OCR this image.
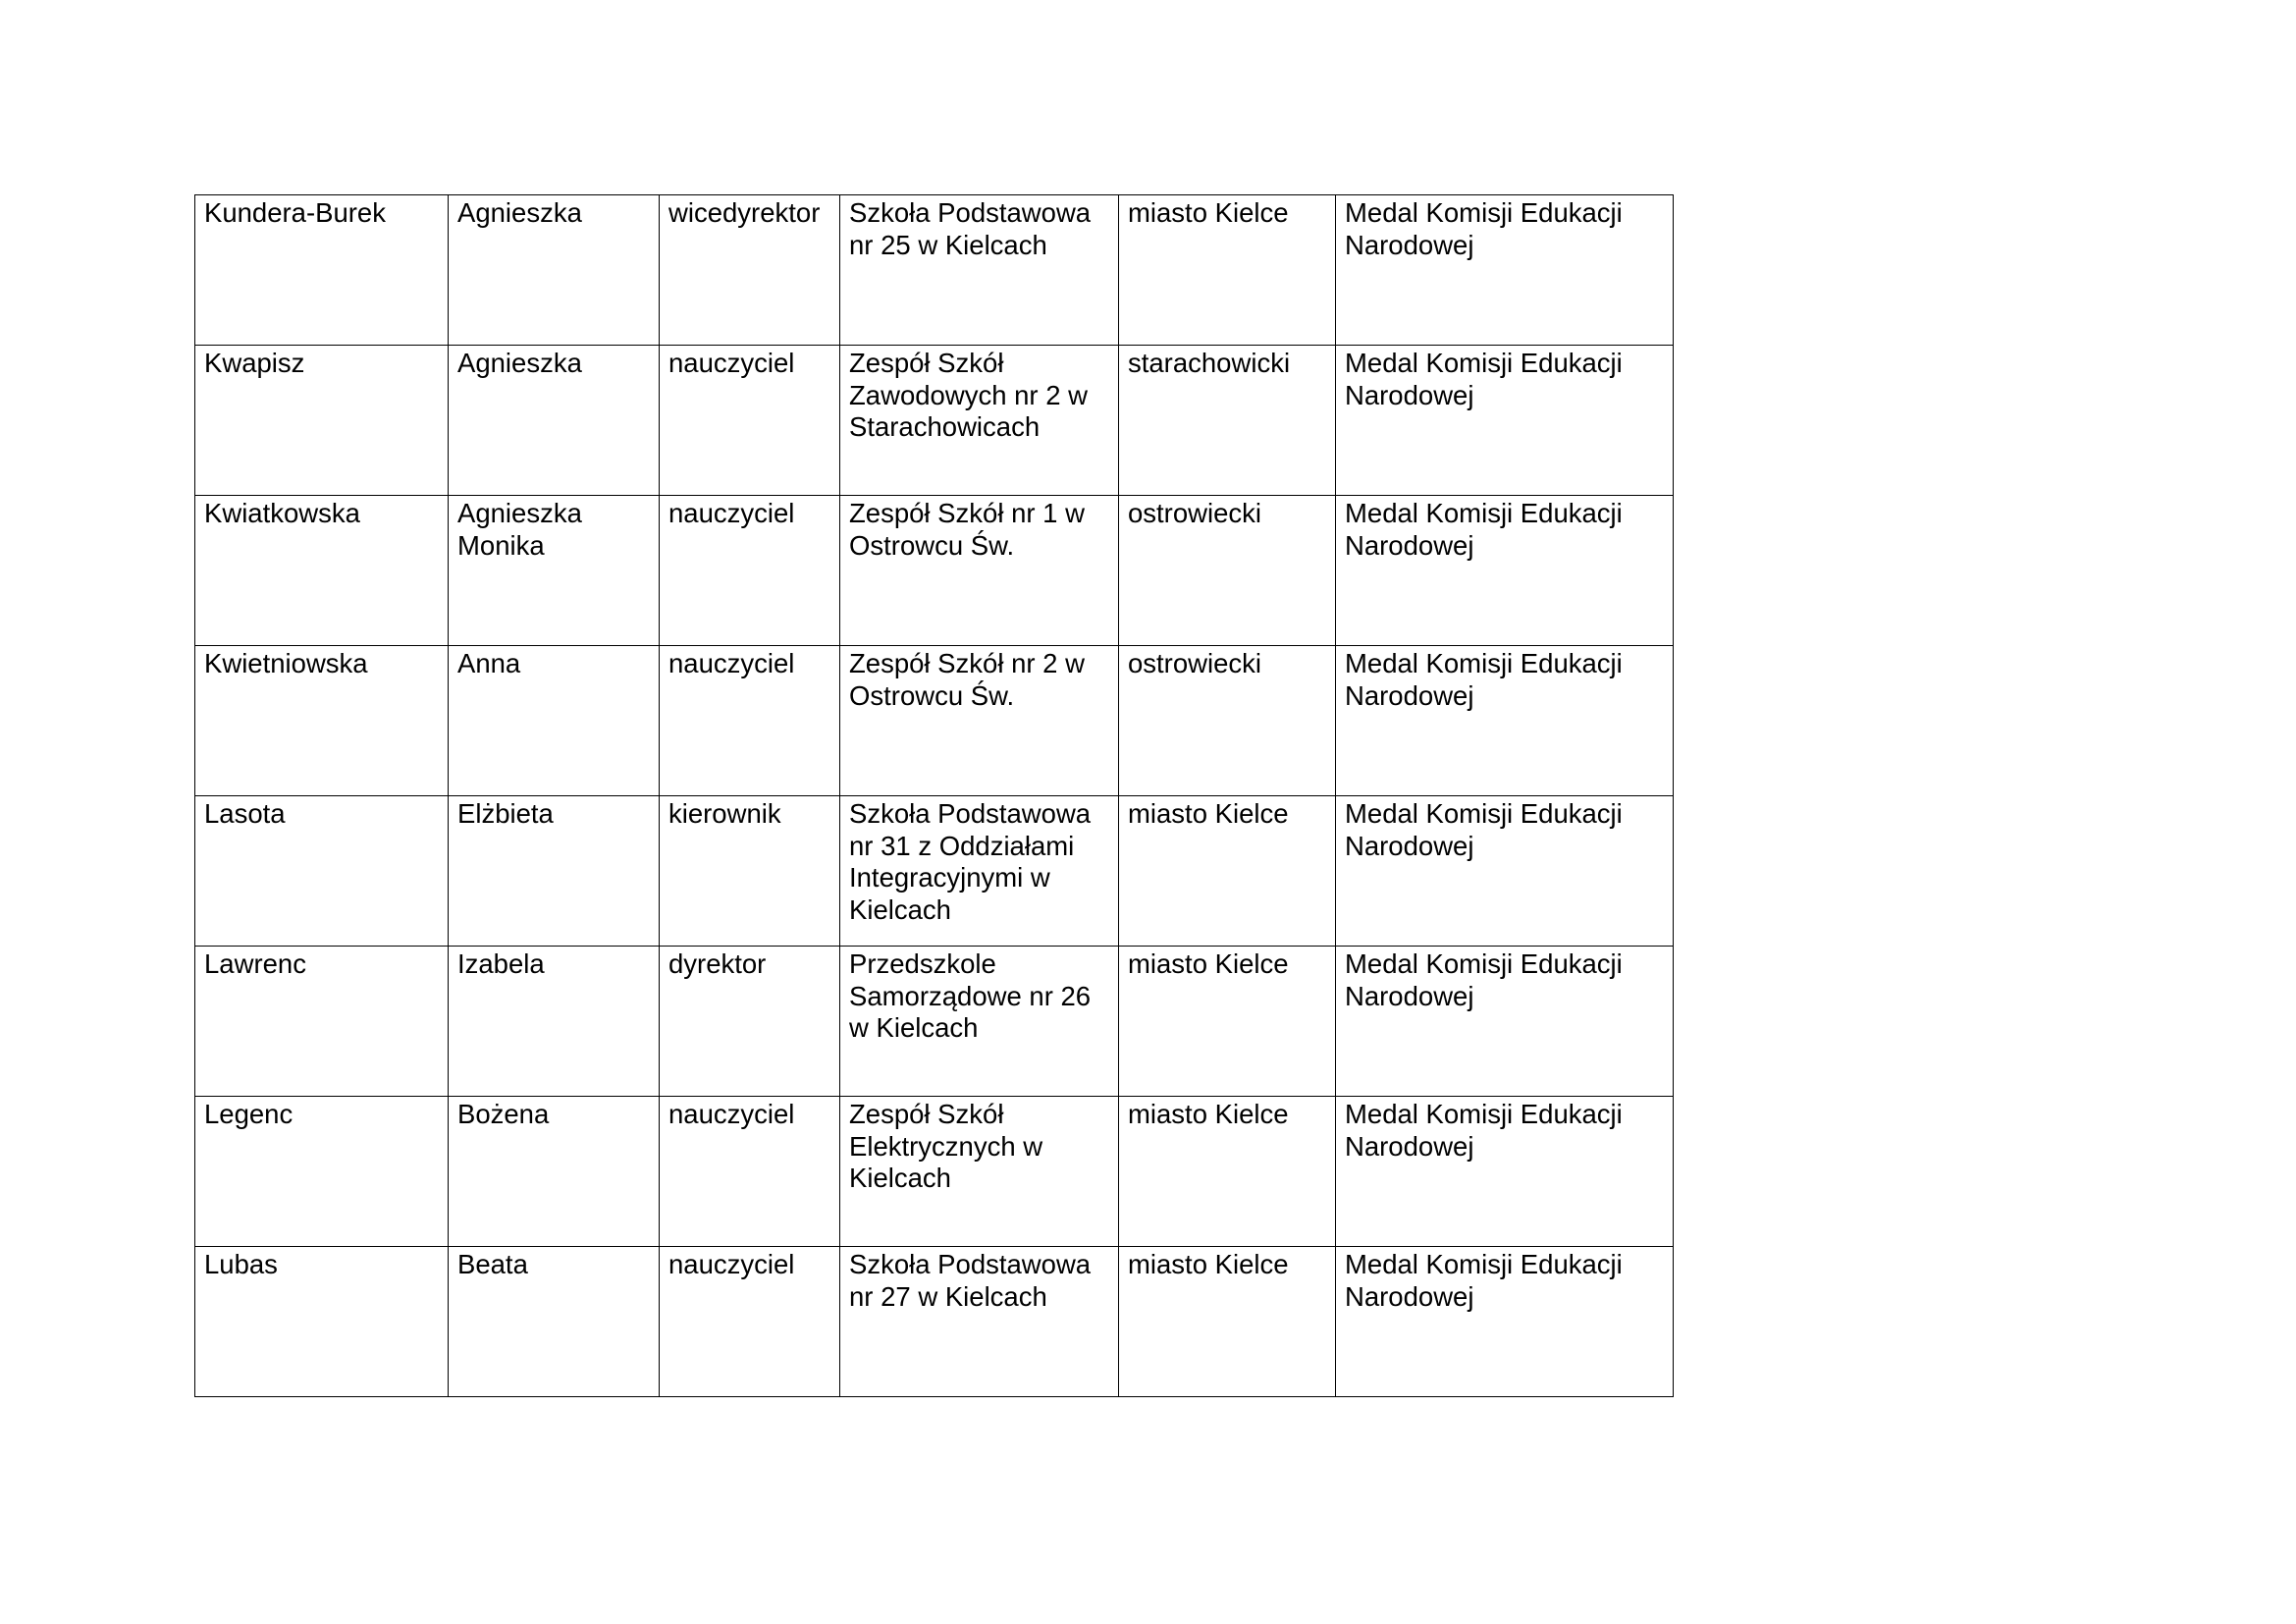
Kundera-Burek	Agnieszka	wicedyrektor	Szkoła Podstawowa
nr 25 w Kielcach	miasto Kielce	Medal Komisji Edukacji
Narodowej

Kwapisz	Agnieszka	nauczyciel	Zespół Szkół
Zawodowych nr 2 w
Starachowicach	starachowicki	Medal Komisji Edukacji
Narodowej

Kwiatkowska	Agnieszka Monika	nauczyciel	Zespół Szkół nr 1 w
Ostrowcu Św.	ostrowiecki	Medal Komisji Edukacji
Narodowej

Kwietniowska	Anna	nauczyciel	Zespół Szkół nr 2 w
Ostrowcu Św.	ostrowiecki	Medal Komisji Edukacji
Narodowej

Lasota	Elżbieta	kierownik	Szkoła Podstawowa
nr 31 z Oddziałami
Integracyjnymi w
Kielcach	miasto Kielce	Medal Komisji Edukacji
Narodowej

Lawrenc	Izabela	dyrektor	Przedszkole
Samorządowe nr 26
w Kielcach	miasto Kielce	Medal Komisji Edukacji
Narodowej

Legenc	Bożena	nauczyciel	Zespół Szkół
Elektrycznych w
Kielcach	miasto Kielce	Medal Komisji Edukacji
Narodowej

Lubas	Beata	nauczyciel	Szkoła Podstawowa
nr 27 w Kielcach	miasto Kielce	Medal Komisji Edukacji
Narodowej
